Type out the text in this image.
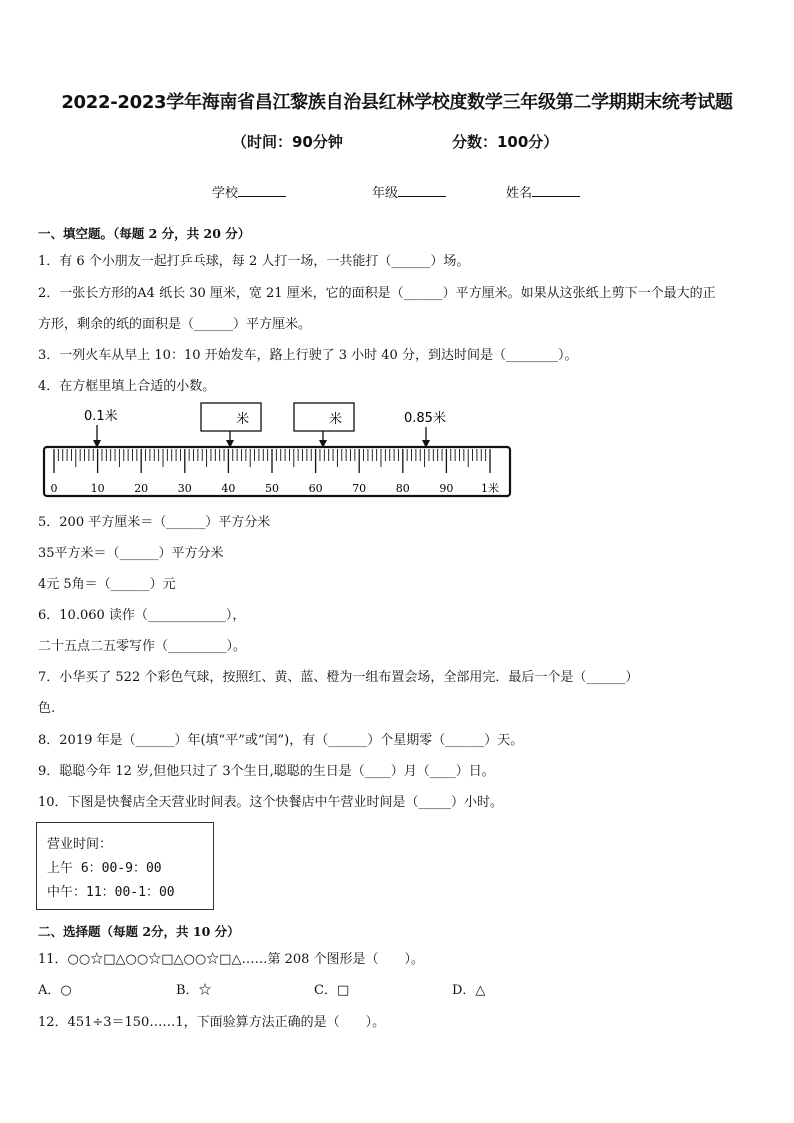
2022-2023学年海南省昌江黎族自治县红林学校度数学三年级第二学期期末统考试题
（时间：90分钟	分数：100分）
学校	年级	姓名
一、填空题。（每题 2 分，共 20 分）
1．有 6 个小朋友一起打乒乓球，每 2 人打一场，一共能打（______）场。
2．一张长方形的A4 纸长 30 厘米，宽 21 厘米，它的面积是（______）平方厘米。如果从这张纸上剪下一个最大的正
方形，剩余的纸的面积是（______）平方厘米。
3．一列火车从早上 10：10 开始发车，路上行驶了 3 小时 40 分，到达时间是（________）。
4．在方框里填上合适的小数。
0.1米	米	米	0.85米
0	10	20	30	40	50	60	70	80	90	1米
5．200 平方厘米＝（______）平方分米
35平方米＝（______）平方分米
4元 5角＝（______）元
6．10.060 读作（____________），
二十五点二五零写作（_________）。
7．小华买了 522 个彩色气球，按照红、黄、蓝、橙为一组布置会场，全部用完．最后一个是（______）
色.
8．2019 年是（______）年(填“平”或“闰”)，有（______）个星期零（______）天。
9．聪聪今年 12 岁,但他只过了 3个生日,聪聪的生日是（____）月（____）日。
10．下图是快餐店全天营业时间表。这个快餐店中午营业时间是（_____）小时。
营业时间：
上午 6：00-9：00
中午：11：00-1：00
二、选择题（每题 2分，共 10 分）
11．○○☆□△○○☆□△○○☆□△……第 208 个图形是（　　）。
A．○	B．☆	C．□	D．△
12．451÷3＝150……1，下面验算方法正确的是（　　）。
